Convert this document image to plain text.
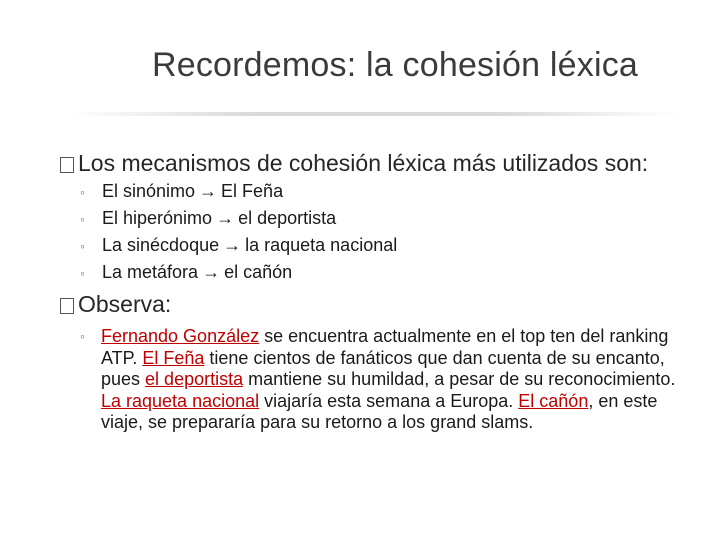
Recordemos: la cohesión léxica
Los mecanismos de cohesión léxica más utilizados son:
◦ El sinónimo → El Feña
◦ El hiperónimo → el deportista
◦ La sinécdoque → la raqueta nacional
◦ La metáfora → el cañón
Observa:
◦ Fernando González se encuentra actualmente en el top ten del ranking ATP. El Feña tiene cientos de fanáticos que dan cuenta de su encanto, pues el deportista mantiene su humildad, a pesar de su reconocimiento. La raqueta nacional viajaría esta semana a Europa. El cañón, en este viaje, se prepararía para su retorno a los grand slams.
